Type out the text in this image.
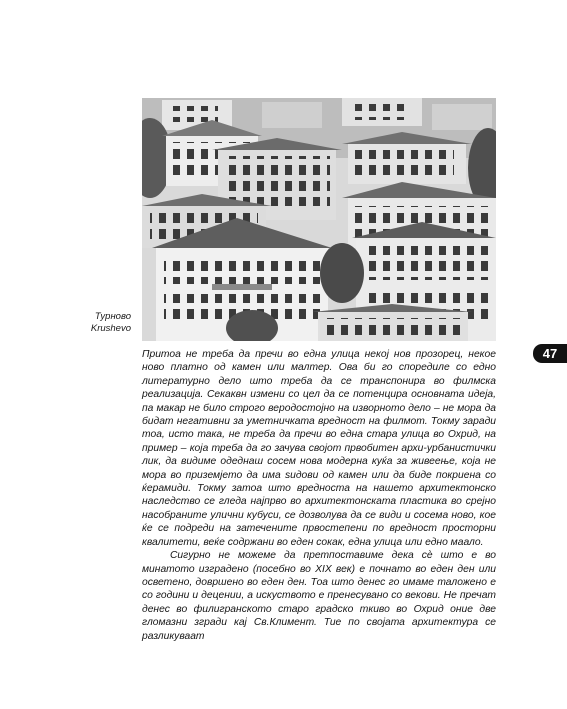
Турново
Krushevo
47

Притоа не треба да пречи во една улица некој нов прозорец, некое ново платно од камен или малтер. Ова би го споредиле со едно литературно дело што треба да се транспонира во филмска реализација. Секаквн измени со цел да се потенцира основната идеја, па макар не било строго веродостојно на изворното дело – не мора да бидат негативни за уметничката вредност на филмот. Токму заради тоа, исто така, не треба да пречи во една стара улица во Охрид, на пример – која треба да го зачува својот првобитен архи-урбанистички лик, да видиме одеднаш сосем нова модерна куќа за живеење, која не мора во приземјето да има ѕидови од камен или да биде покриена со ќерамиди. Токму затоа што вредноста на нашето архитектонско наследство се гледа најпрво во архитектонската пластика во срејно насобраните улични кубуси, се дозволува да се види и сосема ново, кое ќе се подреди на затечените првостепени по вредност просторни квалитети, веќе содржани во еден сокак, една улица или едно маало.

Сигурно не можеме да претпоставиме дека сѐ што е во минатото изградено (посебно во XIX век) е почнато во еден ден или осветено, довршено во еден ден. Тоа што денес го имаме таложено е со години и децении, а искуството е пренесувано со векови. Не пречат денес во филигранското старо градско ткиво во Охрид оние две гломазни згради кај Св.Климент. Тие по својата архитектура се разликуваат
